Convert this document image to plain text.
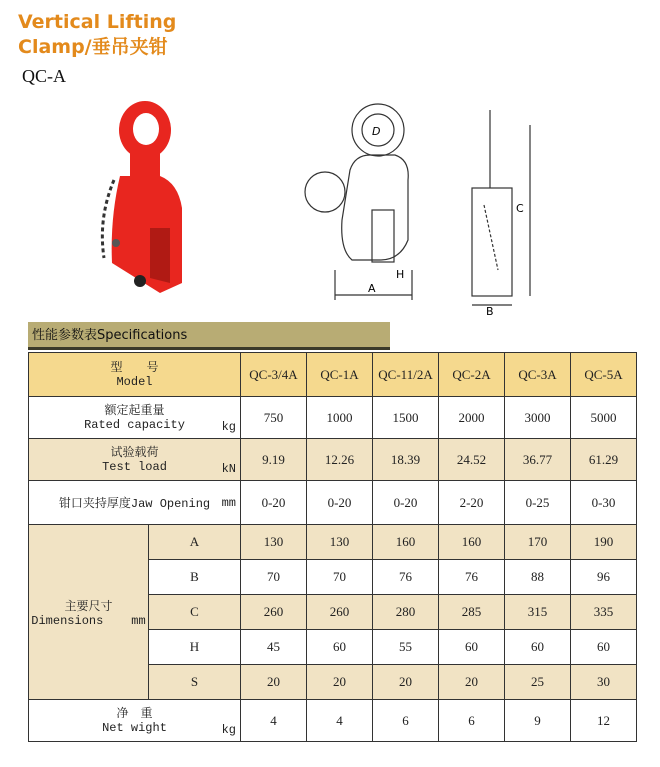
Vertical Lifting
Clamp/垂吊夹钳
QC-A
D
A
H
B
C
性能参数表Specifications
型　　号
Model		QC-3/4A	QC-1A	QC-11/2A	QC-2A	QC-3A	QC-5A

额定起重量
Rated capacity kg		750	1000	1500	2000	3000	5000

试验载荷
Test load kN		9.19	12.26	18.39	24.52	36.77	61.29
钳口夹持厚度Jaw Opening mm		0-20	0-20	0-20	2-20	0-25	0-30

主要尺寸
Dimensions mm	A	130	130	160	160	170	190
	B	70	70	76	76	88	96
	C	260	260	280	285	315	335
	H	45	60	55	60	60	60
	S	20	20	20	20	25	30

净　重
Net wight kg		4	4	6	6	9	12
